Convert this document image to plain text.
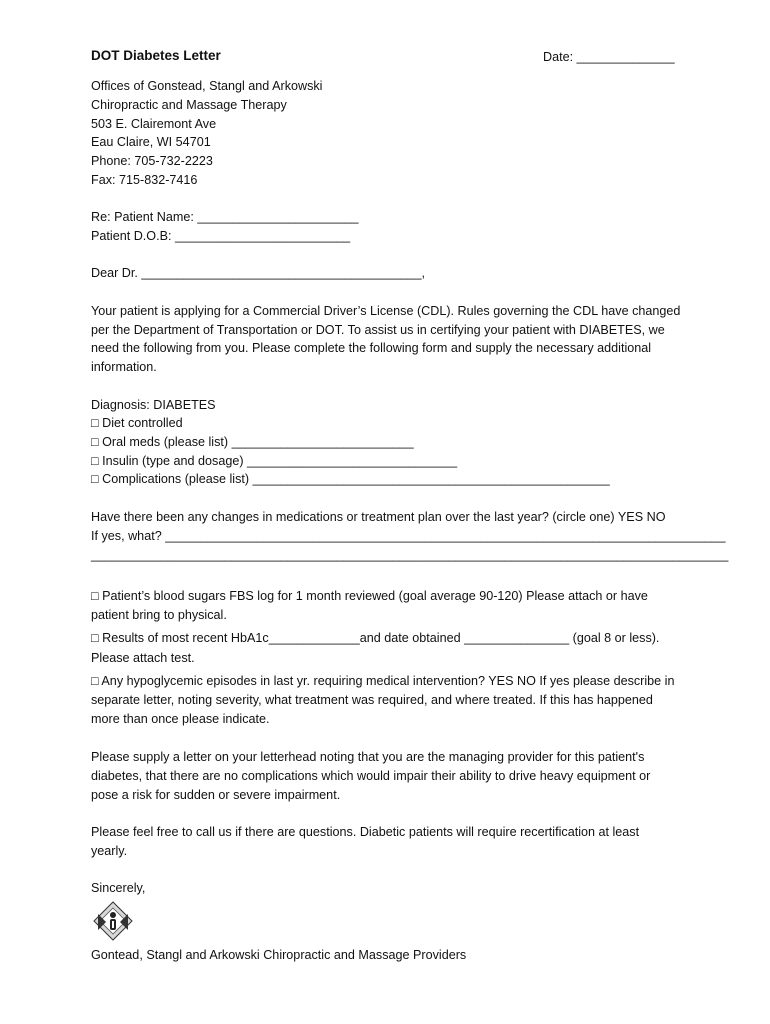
DOT Diabetes Letter	Date: ______________
Offices of Gonstead, Stangl and Arkowski
Chiropractic and Massage Therapy
503 E. Clairemont Ave
Eau Claire, WI 54701
Phone: 705-732-2223
Fax: 715-832-7416
Re: Patient Name: _______________________
Patient D.O.B: _________________________
Dear Dr. ________________________________________,
Your patient is applying for a Commercial Driver’s License (CDL). Rules governing the CDL have changed
per the Department of Transportation or DOT. To assist us in certifying your patient with DIABETES, we
need the following from you. Please complete the following form and supply the necessary additional
information.
Diagnosis: DIABETES
□ Diet controlled
□ Oral meds (please list) __________________________
□ Insulin (type and dosage) ______________________________
□ Complications (please list) ___________________________________________________
Have there been any changes in medications or treatment plan over the last year? (circle one) YES NO
If yes, what? ________________________________________________________________________________
___________________________________________________________________________________________
□ Patient’s blood sugars FBS log for 1 month reviewed (goal average 90-120) Please attach or have
patient bring to physical.
□ Results of most recent HbA1c_____________and date obtained _______________ (goal 8 or less).
Please attach test.
□ Any hypoglycemic episodes in last yr. requiring medical intervention? YES NO If yes please describe in
separate letter, noting severity, what treatment was required, and where treated. If this has happened
more than once please indicate.
Please supply a letter on your letterhead noting that you are the managing provider for this patient's
diabetes, that there are no complications which would impair their ability to drive heavy equipment or
pose a risk for sudden or severe impairment.
Please feel free to call us if there are questions. Diabetic patients will require recertification at least
yearly.
Sincerely,
Gontead, Stangl and Arkowski Chiropractic and Massage Providers
